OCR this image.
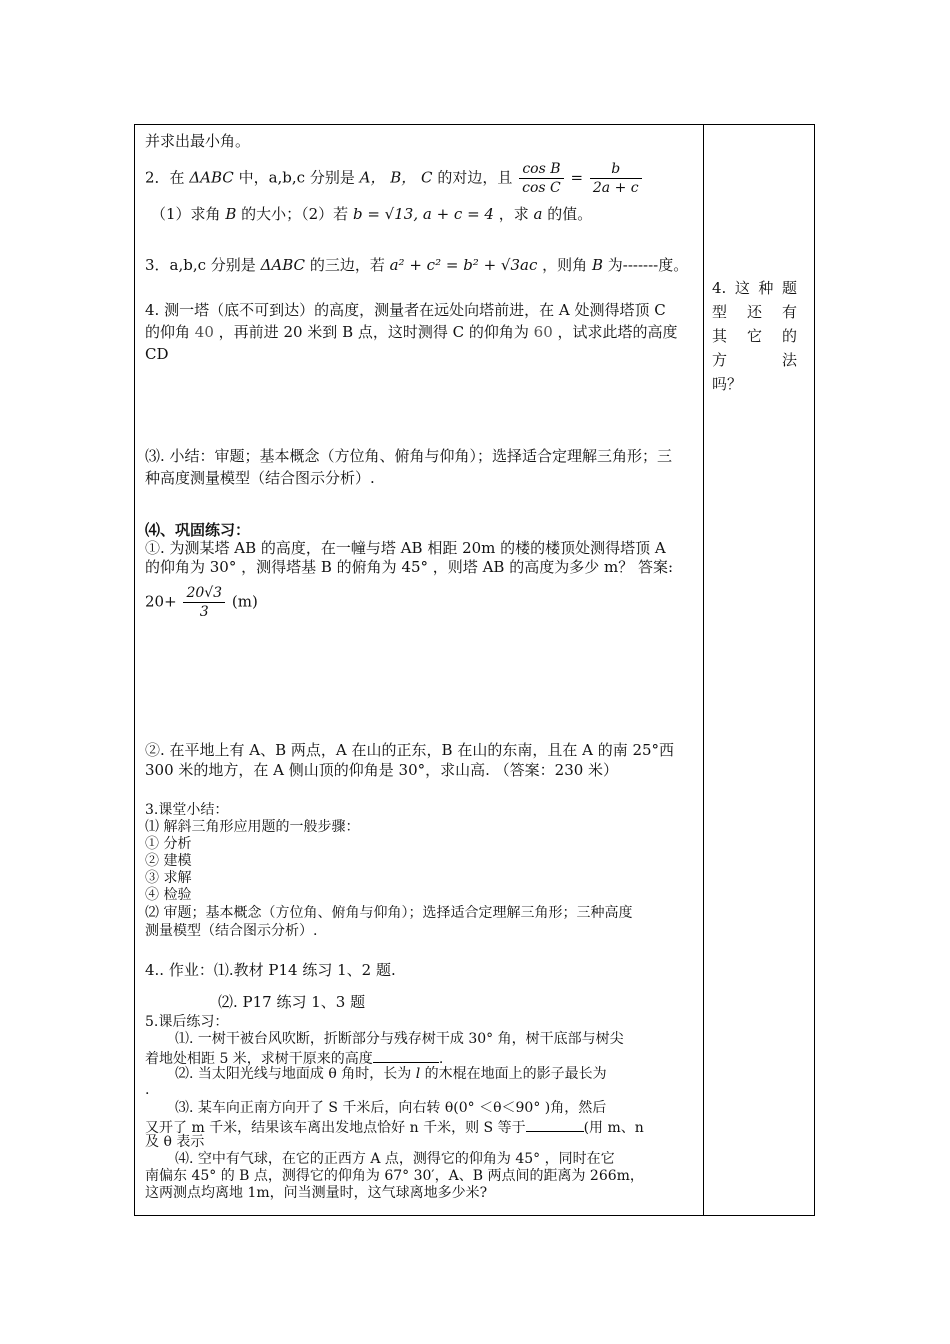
并求出最小角。
2．在 ΔABC 中，a,b,c 分别是 A， B， C 的对边，且 $\frac{\text{cos B}}{\text{cos C}} = \frac{b}{2a + c}$
（1）求角 B 的大小；（2）若 b = √13, a + c = 4 ，求 a 的值。
3．a,b,c 分别是 ΔABC 的三边，若 a² + c² = b² + √3ac ，则角 B 为-------度。
4. 测一塔（底不可到达）的高度，测量者在远处向塔前进，在 A 处测得塔顶 C
的仰角 40 ，再前进 20 米到 B 点，这时测得 C 的仰角为 60 ，试求此塔的高度
CD
⑶. 小结：审题；基本概念（方位角、俯角与仰角）；选择适合定理解三角形；三
种高度测量模型（结合图示分析）.
⑷、巩固练习：
①. 为测某塔 AB 的高度，在一幢与塔 AB 相距 20m 的楼的楼顶处测得塔顶 A
的仰角为 30° ，测得塔基 B 的俯角为 45° ，则塔 AB 的高度为多少 m？ 答案:
$20+ \frac{20√3}{3} (m)$
②. 在平地上有 A、B 两点，A 在山的正东，B 在山的东南，且在 A 的南 25°西
300 米的地方，在 A 侧山顶的仰角是 30°，求山高. （答案：230 米）
3.课堂小结：
⑴ 解斜三角形应用题的一般步骤：
① 分析
② 建模
③ 求解
④ 检验
⑵ 审题；基本概念（方位角、俯角与仰角）；选择适合定理解三角形；三种高度
测量模型（结合图示分析）.
4.. 作业：⑴.教材 P14 练习 1、2 题.
⑵. P17 练习 1、3 题
5.课后练习：
⑴. 一树干被台风吹断，折断部分与残存树干成 30° 角，树干底部与树尖
着地处相距 5 米，求树干原来的高度	.
⑵. 当太阳光线与地面成 θ 角时，长为 l 的木棍在地面上的影子最长为
.
⑶. 某车向正南方向开了 S 千米后，向右转 θ(0° ＜θ＜90° )角，然后
又开了 m 千米，结果该车离出发地点恰好 n 千米，则 S 等于	(用 m、n
及 θ 表示
⑷. 空中有气球，在它的正西方 A 点，测得它的仰角为 45° ，同时在它
南偏东 45° 的 B 点，测得它的仰角为 67° 30′，A、B 两点间的距离为 266m，
这两测点均离地 1m，问当测量时，这气球离地多少米?
4. 这 种 题
型 还 有
其 它 的
方	法
吗？
